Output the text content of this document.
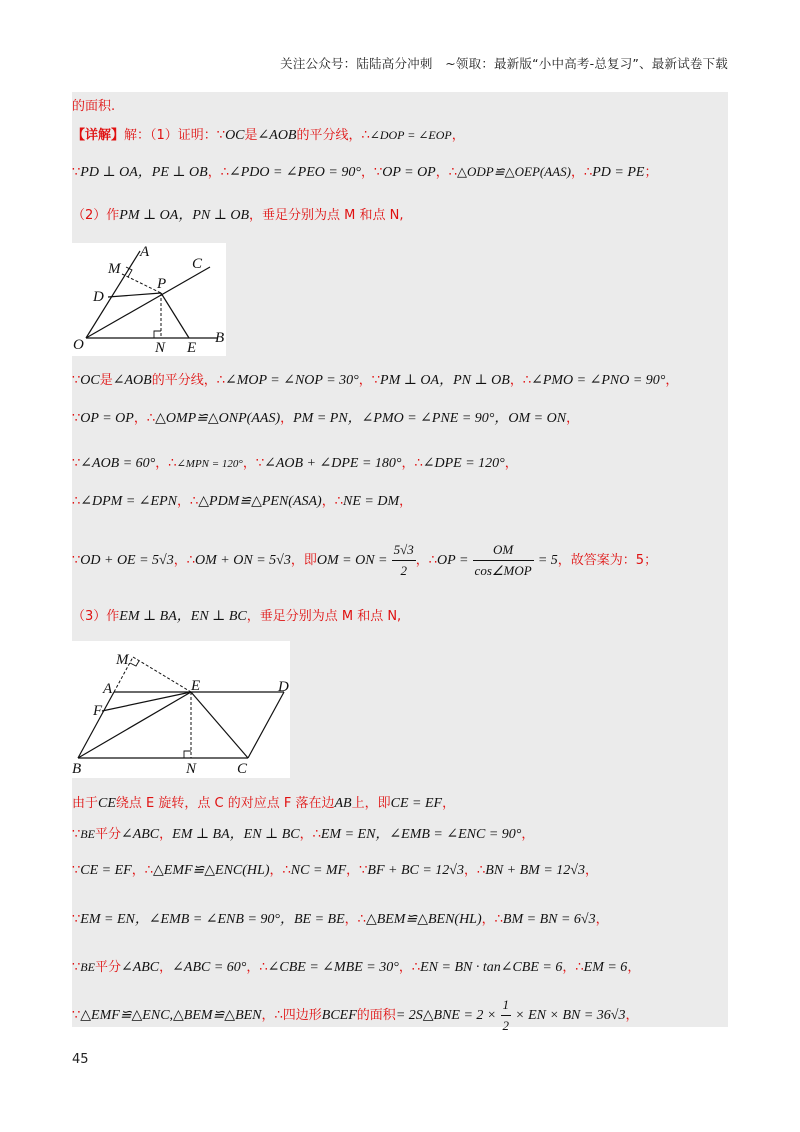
关注公众号：陆陆高分冲刺　~领取：最新版“小中高考-总复习”、最新试卷下载
的面积.
【详解】解：（1）证明：∵OC是∠AOB的平分线，∴∠DOP = ∠EOP，
∵PD ⊥ OA，PE ⊥ OB，∴∠PDO = ∠PEO = 90°，∵OP = OP，∴△ODP≌△OEP(AAS)，∴PD = PE；
（2）作PM ⊥ OA，PN ⊥ OB，垂足分别为点 M 和点 N,
A
C
M
P
D
O	N E
B
∵OC是∠AOB的平分线，∴∠MOP = ∠NOP = 30°，∵PM ⊥ OA，PN ⊥ OB，∴∠PMO = ∠PNO = 90°，
∵OP = OP，∴△OMP≌△ONP(AAS)，PM = PN，∠PMO = ∠PNE = 90°，OM = ON，
∵∠AOB = 60°，∴∠MPN = 120°，∵∠AOB + ∠DPE = 180°，∴∠DPE = 120°，
∴∠DPM = ∠EPN，∴△PDM≌△PEN(ASA)，∴NE = DM，
∵OD + OE = 5√3，∴OM + ON = 5√3，即OM = ON = $\frac{5√3}{2}$ ，∴OP = $\frac{OM}{\text{cos∠MOP}} = 5$，故答案为：5；
（3）作EM ⊥ BA，EN ⊥ BC，垂足分别为点 M 和点 N,
M
A	E	D
F
B	N	C
由于CE绕点 E 旋转，点 C 的对应点 F 落在边AB上，即CE = EF，
∵BE平分∠ABC，EM ⊥ BA，EN ⊥ BC，∴EM = EN，∠EMB = ∠ENC = 90°，
∵CE = EF，∴△EMF≌△ENC(HL)，∴NC = MF，∵BF + BC = 12√3，∴BN + BM = 12√3，
∵EM = EN，∠EMB = ∠ENB = 90°，BE = BE，∴△BEM≌△BEN(HL)，∴BM = BN = 6√3，
∵BE平分∠ABC，∠ABC = 60°，∴∠CBE = ∠MBE = 30°，∴EN = BN · tan∠CBE = 6，∴EM = 6，
∵△EMF≌△ENC,△BEM≌△BEN，∴四边形BCEF的面积= 2S△BNE = $2 \times \frac{1}{2}$ × EN × BN = 36√3，
45
